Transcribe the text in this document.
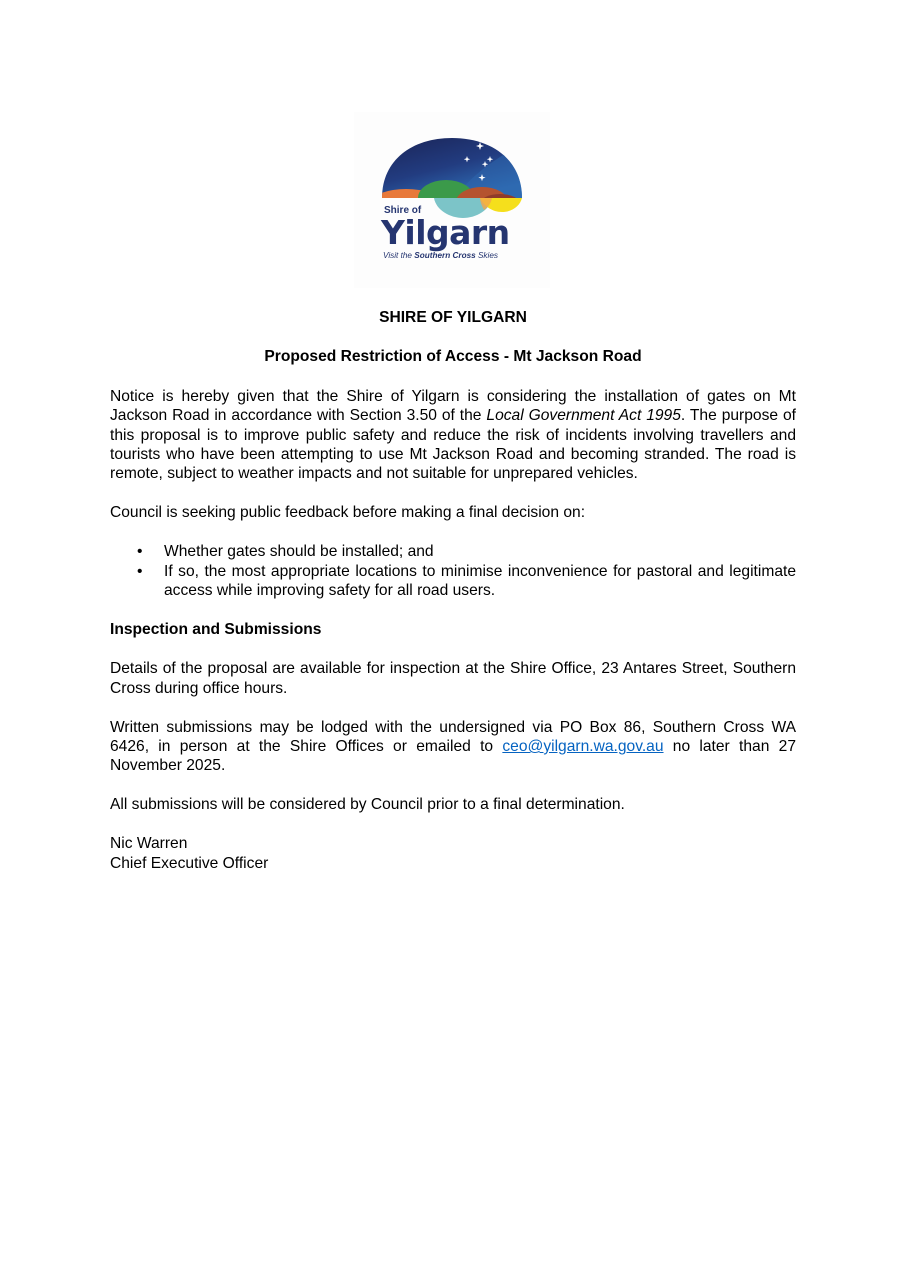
Shire of
Yilgarn
Visit the Southern Cross Skies
SHIRE OF YILGARN
Proposed Restriction of Access - Mt Jackson Road

Notice is hereby given that the Shire of Yilgarn is considering the installation of gates on Mt Jackson Road in accordance with Section 3.50 of the Local Government Act 1995. The purpose of this proposal is to improve public safety and reduce the risk of incidents involving travellers and tourists who have been attempting to use Mt Jackson Road and becoming stranded. The road is remote, subject to weather impacts and not suitable for unprepared vehicles.

Council is seeking public feedback before making a final decision on:

• Whether gates should be installed; and
• If so, the most appropriate locations to minimise inconvenience for pastoral and legitimate access while improving safety for all road users.
Inspection and Submissions

Details of the proposal are available for inspection at the Shire Office, 23 Antares Street, Southern Cross during office hours.

Written submissions may be lodged with the undersigned via PO Box 86, Southern Cross WA 6426, in person at the Shire Offices or emailed to ceo@yilgarn.wa.gov.au no later than 27 November 2025.

All submissions will be considered by Council prior to a final determination.

Nic Warren
Chief Executive Officer
